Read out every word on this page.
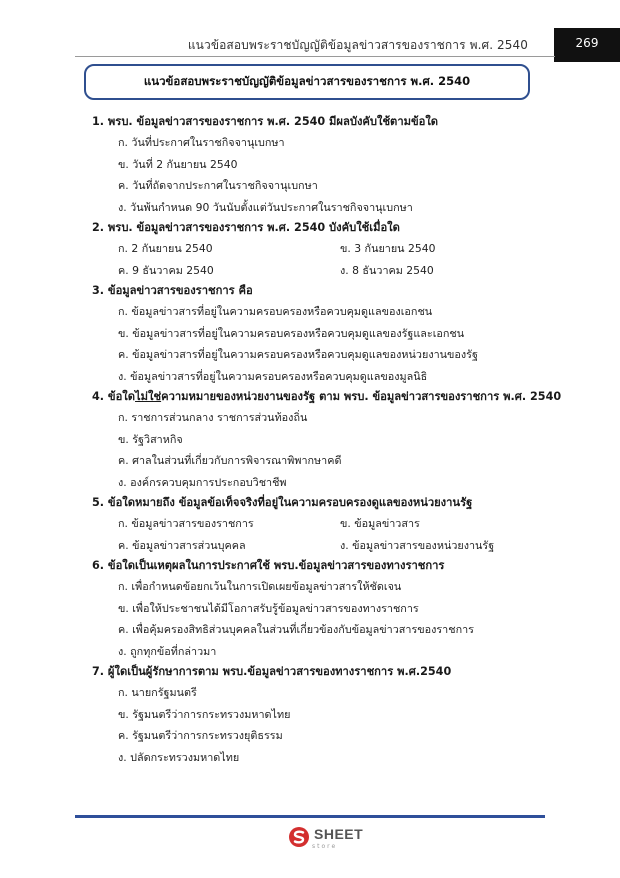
269
แนวข้อสอบพระราชบัญญัติข้อมูลข่าวสารของราชการ พ.ศ. 2540
แนวข้อสอบพระราชบัญญัติข้อมูลข่าวสารของราชการ พ.ศ. 2540
1. พรบ. ข้อมูลข่าวสารของราชการ พ.ศ. 2540 มีผลบังคับใช้ตามข้อใด
ก. วันที่ประกาศในราชกิจจานุเบกษา
ข. วันที่ 2 กันยายน 2540
ค. วันที่ถัดจากประกาศในราชกิจจานุเบกษา
ง. วันพ้นกำหนด 90 วันนับตั้งแต่วันประกาศในราชกิจจานุเบกษา
2. พรบ. ข้อมูลข่าวสารของราชการ พ.ศ. 2540 บังคับใช้เมื่อใด
ก. 2 กันยายน 2540	ข. 3 กันยายน 2540
ค. 9 ธันวาคม 2540	ง. 8 ธันวาคม 2540
3. ข้อมูลข่าวสารของราชการ คือ
ก. ข้อมูลข่าวสารที่อยู่ในความครอบครองหรือควบคุมดูแลของเอกชน
ข. ข้อมูลข่าวสารที่อยู่ในความครอบครองหรือควบคุมดูแลของรัฐและเอกชน
ค. ข้อมูลข่าวสารที่อยู่ในความครอบครองหรือควบคุมดูแลของหน่วยงานของรัฐ
ง. ข้อมูลข่าวสารที่อยู่ในความครอบครองหรือควบคุมดูแลของมูลนิธิ
4. ข้อใดไม่ใช่ความหมายของหน่วยงานของรัฐ ตาม พรบ. ข้อมูลข่าวสารของราชการ พ.ศ. 2540
ก. ราชการส่วนกลาง ราชการส่วนท้องถิ่น
ข. รัฐวิสาหกิจ
ค. ศาลในส่วนที่เกี่ยวกับการพิจารณาพิพากษาคดี
ง. องค์กรควบคุมการประกอบวิชาชีพ
5. ข้อใดหมายถึง ข้อมูลข้อเท็จจริงที่อยู่ในความครอบครองดูแลของหน่วยงานรัฐ
ก. ข้อมูลข่าวสารของราชการ	ข. ข้อมูลข่าวสาร
ค. ข้อมูลข่าวสารส่วนบุคคล	ง. ข้อมูลข่าวสารของหน่วยงานรัฐ
6. ข้อใดเป็นเหตุผลในการประกาศใช้ พรบ.ข้อมูลข่าวสารของทางราชการ
ก. เพื่อกำหนดข้อยกเว้นในการเปิดเผยข้อมูลข่าวสารให้ชัดเจน
ข. เพื่อให้ประชาชนได้มีโอกาสรับรู้ข้อมูลข่าวสารของทางราชการ
ค. เพื่อคุ้มครองสิทธิส่วนบุคคลในส่วนที่เกี่ยวข้องกับข้อมูลข่าวสารของราชการ
ง. ถูกทุกข้อที่กล่าวมา
7. ผู้ใดเป็นผู้รักษาการตาม พรบ.ข้อมูลข่าวสารของทางราชการ พ.ศ.2540
ก. นายกรัฐมนตรี
ข. รัฐมนตรีว่าการกระทรวงมหาดไทย
ค. รัฐมนตรีว่าการกระทรวงยุติธรรม
ง. ปลัดกระทรวงมหาดไทย
SHEET
store
